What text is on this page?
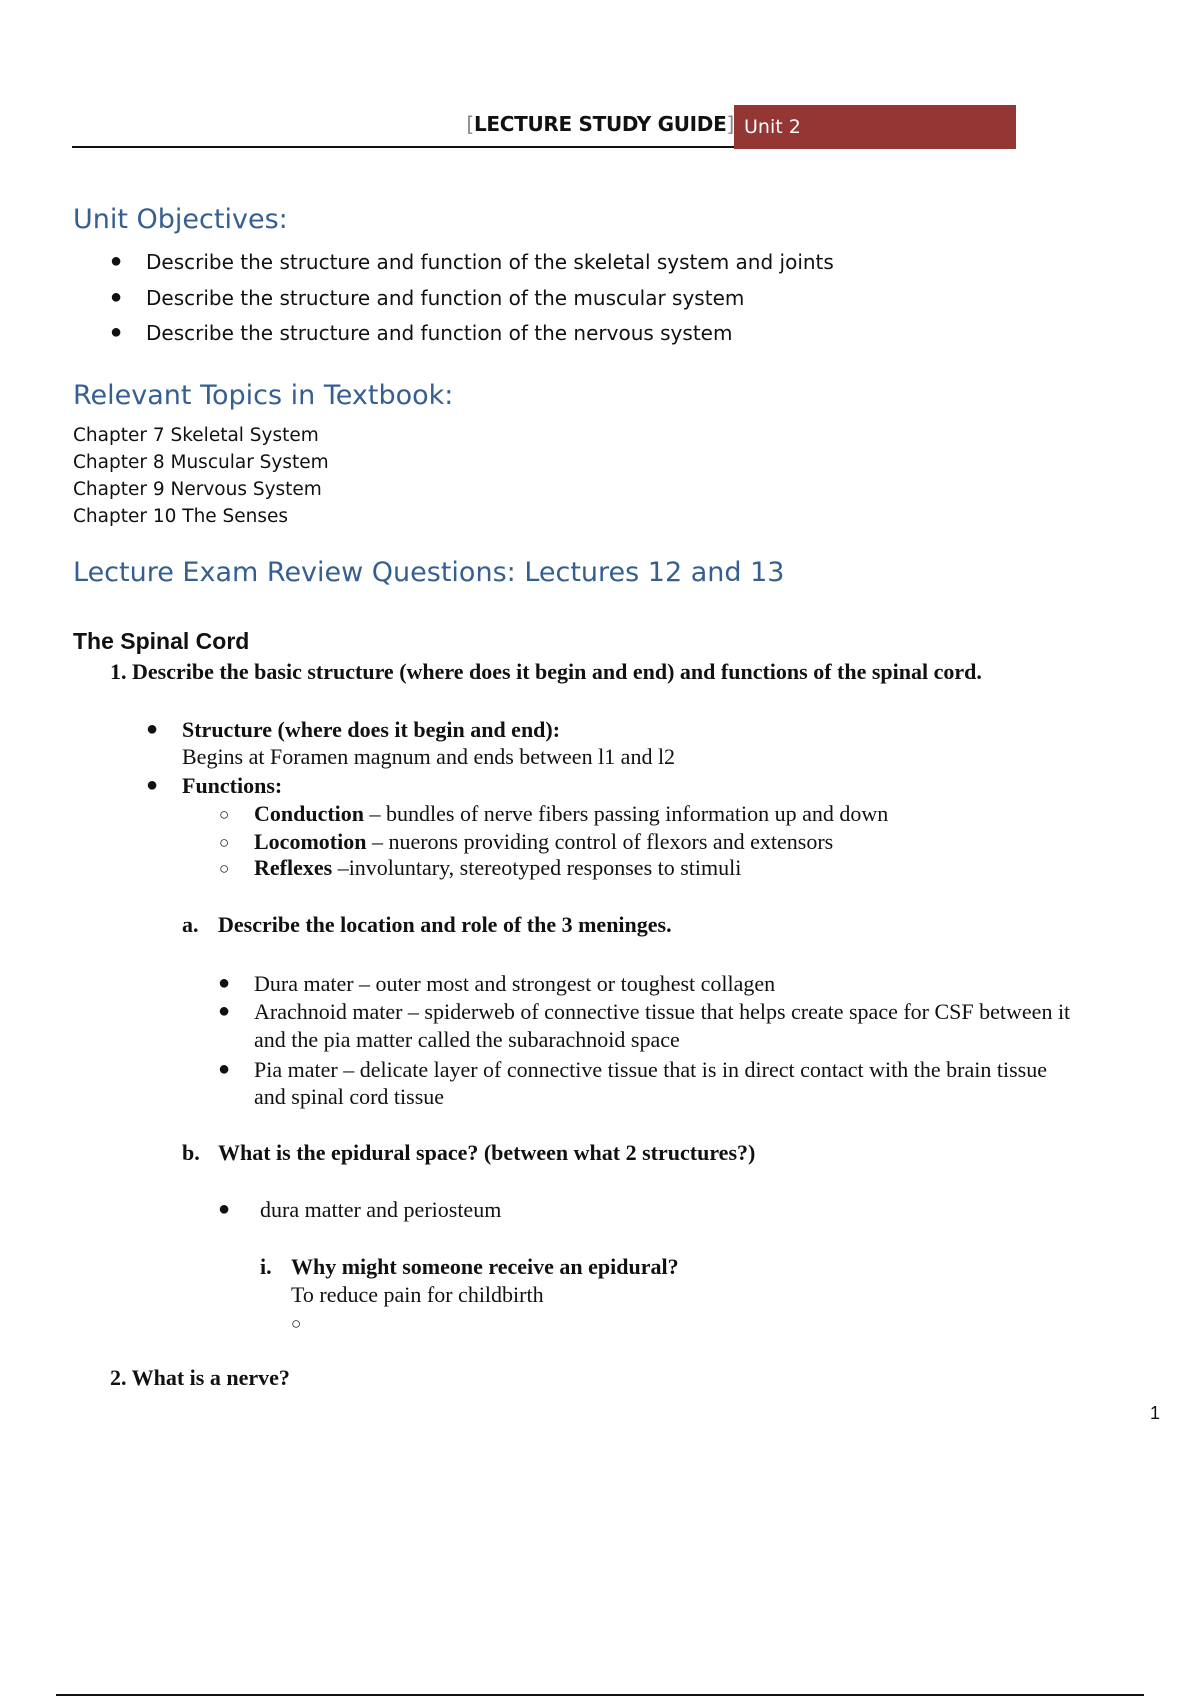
[LECTURE STUDY GUIDE] Unit 2
Unit Objectives:
● Describe the structure and function of the skeletal system and joints
● Describe the structure and function of the muscular system
● Describe the structure and function of the nervous system
Relevant Topics in Textbook:
Chapter 7 Skeletal System
Chapter 8 Muscular System
Chapter 9 Nervous System
Chapter 10 The Senses
Lecture Exam Review Questions: Lectures 12 and 13
The Spinal Cord
1. Describe the basic structure (where does it begin and end) and functions of the spinal cord.
● Structure (where does it begin and end):
Begins at Foramen magnum and ends between l1 and l2
● Functions:
○ Conduction – bundles of nerve fibers passing information up and down
○ Locomotion – nuerons providing control of flexors and extensors
○ Reflexes –involuntary, stereotyped responses to stimuli
a. Describe the location and role of the 3 meninges.
● Dura mater – outer most and strongest or toughest collagen
● Arachnoid mater – spiderweb of connective tissue that helps create space for CSF between it
and the pia matter called the subarachnoid space
● Pia mater – delicate layer of connective tissue that is in direct contact with the brain tissue
and spinal cord tissue
b. What is the epidural space? (between what 2 structures?)
● dura matter and periosteum
i. Why might someone receive an epidural?
To reduce pain for childbirth
○
2. What is a nerve?
1
